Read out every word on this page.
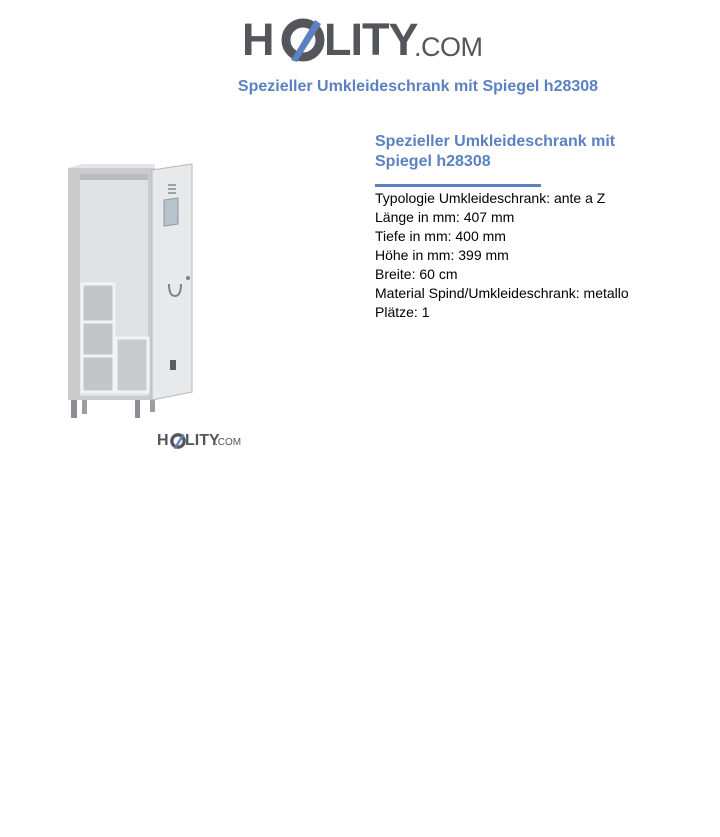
H LITY
.COM
Spezieller Umkleideschrank mit Spiegel h28308
H LITY
.COM
Spezieller Umkleideschrank mit
Spiegel h28308
Typologie Umkleideschrank: ante a Z
Länge in mm: 407 mm
Tiefe in mm: 400 mm
Höhe in mm: 399 mm
Breite: 60 cm
Material Spind/Umkleideschrank: metallo
Plätze: 1
